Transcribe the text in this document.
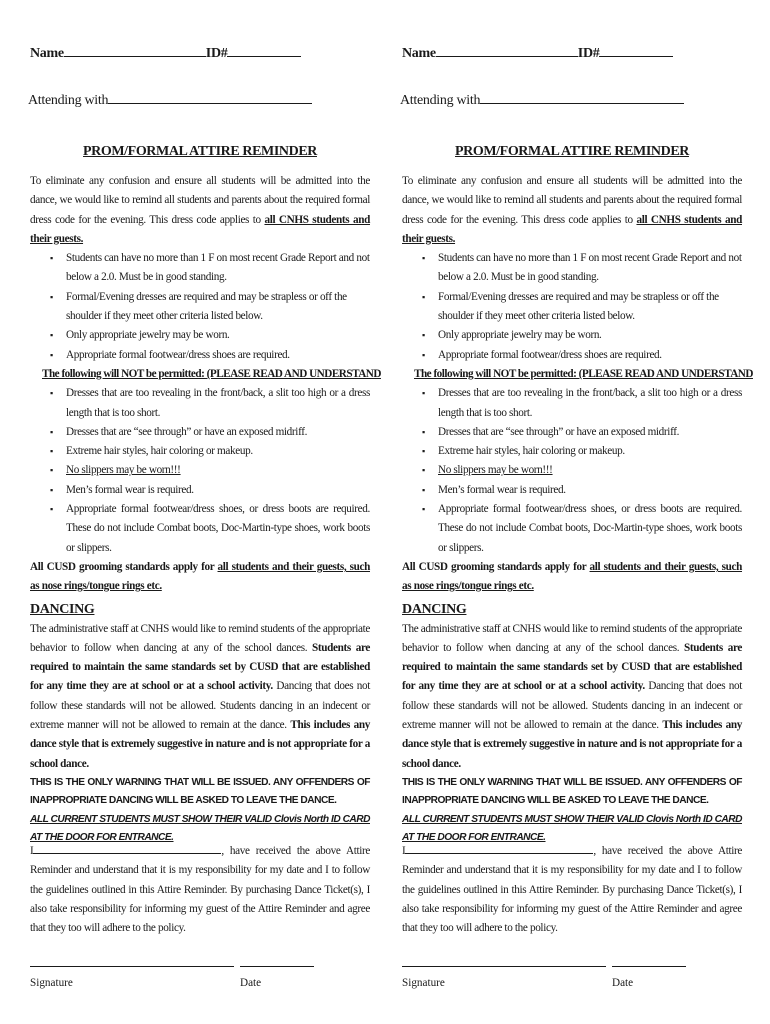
Name	ID#
Attending with
PROM/FORMAL ATTIRE REMINDER

To eliminate any confusion and ensure all students will be admitted into the dance, we would like to remind all students and parents about the required formal dress code for the evening. This dress code applies to all CNHS students and their guests.

▪ Students can have no more than 1 F on most recent Grade Report and not below a 2.0. Must be in good standing.
▪ Formal/Evening dresses are required and may be strapless or off the shoulder if they meet other criteria listed below.
▪ Only appropriate jewelry may be worn.
▪ Appropriate formal footwear/dress shoes are required.
The following will NOT be permitted: (PLEASE READ AND UNDERSTAND
▪ Dresses that are too revealing in the front/back, a slit too high or a dress length that is too short.
▪ Dresses that are “see through” or have an exposed midriff.
▪ Extreme hair styles, hair coloring or makeup.
▪ No slippers may be worn!!!
▪ Men’s formal wear is required.
▪ Appropriate formal footwear/dress shoes, or dress boots are required. These do not include Combat boots, Doc-Martin-type shoes, work boots or slippers.

All CUSD grooming standards apply for all students and their guests, such as nose rings/tongue rings etc.

DANCING

The administrative staff at CNHS would like to remind students of the appropriate behavior to follow when dancing at any of the school dances. Students are required to maintain the same standards set by CUSD that are established for any time they are at school or at a school activity. Dancing that does not follow these standards will not be allowed. Students dancing in an indecent or extreme manner will not be allowed to remain at the dance. This includes any dance style that is extremely suggestive in nature and is not appropriate for a school dance.

THIS IS THE ONLY WARNING THAT WILL BE ISSUED. ANY OFFENDERS OF INAPPROPRIATE DANCING WILL BE ASKED TO LEAVE THE DANCE.
ALL CURRENT STUDENTS MUST SHOW THEIR VALID Clovis North ID CARD AT THE DOOR FOR ENTRANCE.
I	, have received the above Attire Reminder and understand that it is my responsibility for my date and I to follow the guidelines outlined in this Attire Reminder. By purchasing Dance Ticket(s), I also take responsibility for informing my guest of the Attire Reminder and agree that they too will adhere to the policy.
Signature	Date
Name	ID#
Attending with
PROM/FORMAL ATTIRE REMINDER

To eliminate any confusion and ensure all students will be admitted into the dance, we would like to remind all students and parents about the required formal dress code for the evening. This dress code applies to all CNHS students and their guests.

▪ Students can have no more than 1 F on most recent Grade Report and not below a 2.0. Must be in good standing.
▪ Formal/Evening dresses are required and may be strapless or off the shoulder if they meet other criteria listed below.
▪ Only appropriate jewelry may be worn.
▪ Appropriate formal footwear/dress shoes are required.
The following will NOT be permitted: (PLEASE READ AND UNDERSTAND
▪ Dresses that are too revealing in the front/back, a slit too high or a dress length that is too short.
▪ Dresses that are “see through” or have an exposed midriff.
▪ Extreme hair styles, hair coloring or makeup.
▪ No slippers may be worn!!!
▪ Men’s formal wear is required.
▪ Appropriate formal footwear/dress shoes, or dress boots are required. These do not include Combat boots, Doc-Martin-type shoes, work boots or slippers.

All CUSD grooming standards apply for all students and their guests, such as nose rings/tongue rings etc.

DANCING

The administrative staff at CNHS would like to remind students of the appropriate behavior to follow when dancing at any of the school dances. Students are required to maintain the same standards set by CUSD that are established for any time they are at school or at a school activity. Dancing that does not follow these standards will not be allowed. Students dancing in an indecent or extreme manner will not be allowed to remain at the dance. This includes any dance style that is extremely suggestive in nature and is not appropriate for a school dance.

THIS IS THE ONLY WARNING THAT WILL BE ISSUED. ANY OFFENDERS OF INAPPROPRIATE DANCING WILL BE ASKED TO LEAVE THE DANCE.
ALL CURRENT STUDENTS MUST SHOW THEIR VALID Clovis North ID CARD AT THE DOOR FOR ENTRANCE.
I	, have received the above Attire Reminder and understand that it is my responsibility for my date and I to follow the guidelines outlined in this Attire Reminder. By purchasing Dance Ticket(s), I also take responsibility for informing my guest of the Attire Reminder and agree that they too will adhere to the policy.
Signature	Date
